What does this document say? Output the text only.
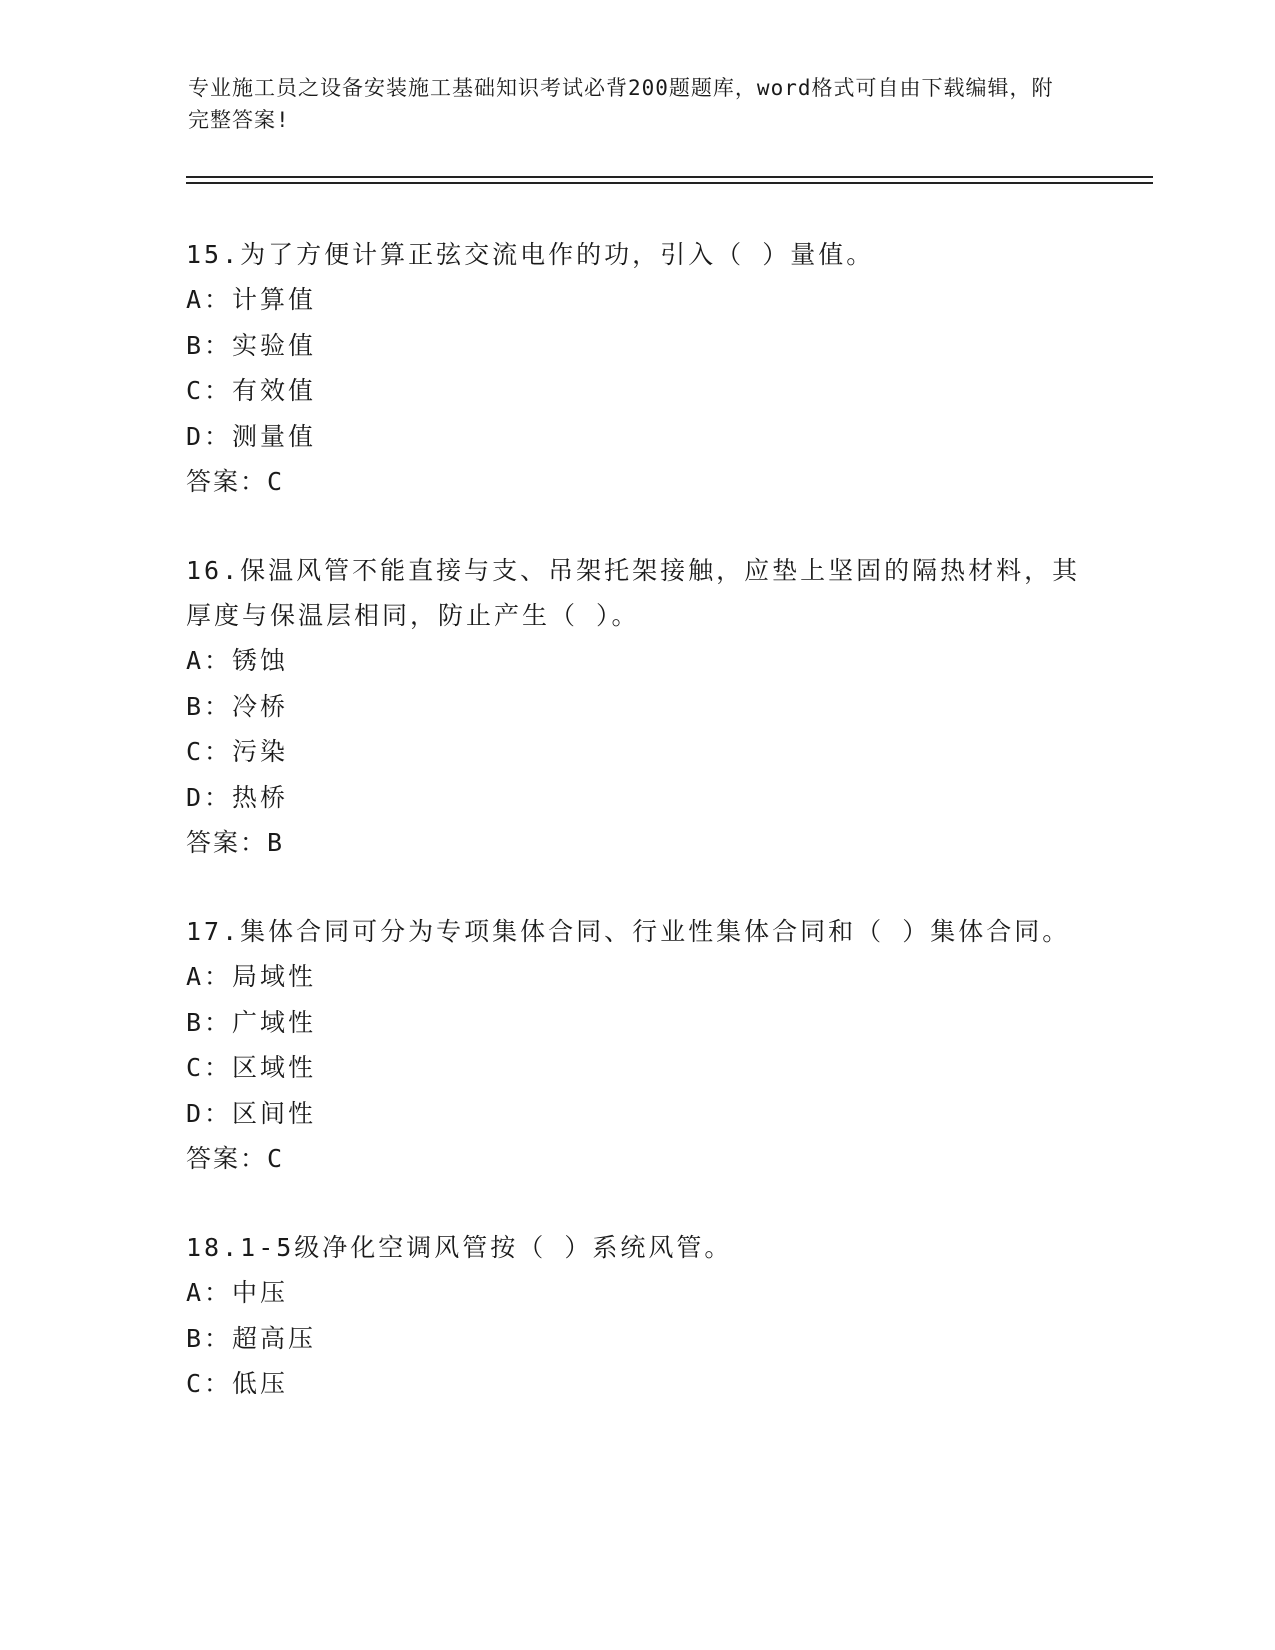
专业施工员之设备安装施工基础知识考试必背200题题库，word格式可自由下载编辑，附完整答案!
15.为了方便计算正弦交流电作的功，引入（ ）量值。
A：计算值
B：实验值
C：有效值
D：测量值
答案：C
16.保温风管不能直接与支、吊架托架接触，应垫上坚固的隔热材料，其厚度与保温层相同，防止产生（ ）。
A：锈蚀
B：冷桥
C：污染
D：热桥
答案：B
17.集体合同可分为专项集体合同、行业性集体合同和（ ）集体合同。
A：局域性
B：广域性
C：区域性
D：区间性
答案：C
18.1-5级净化空调风管按（ ）系统风管。
A：中压
B：超高压
C：低压
